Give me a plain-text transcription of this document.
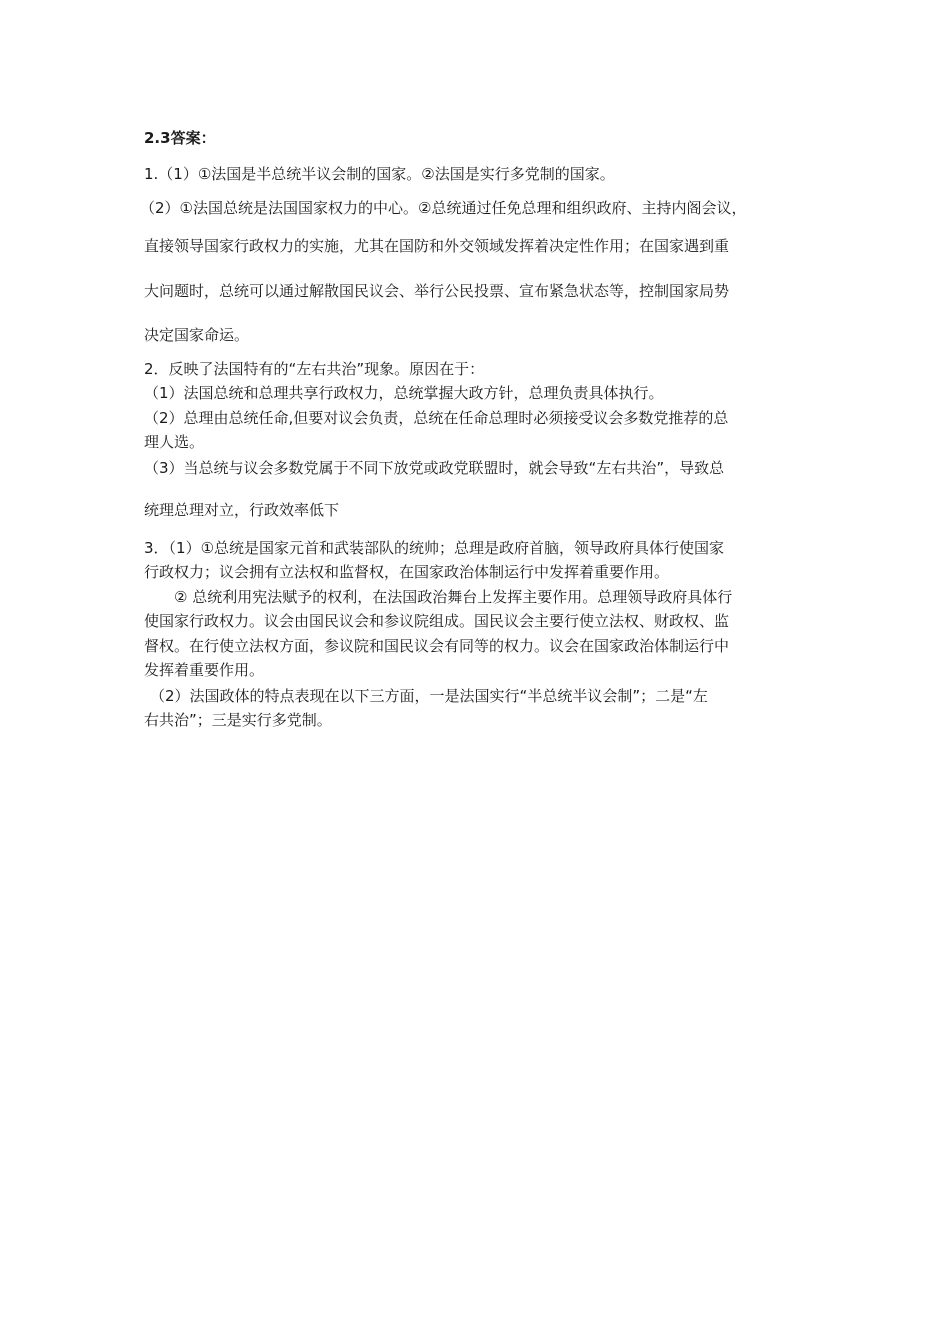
2.3答案：
1.（1）①法国是半总统半议会制的国家。②法国是实行多党制的国家。
（2）①法国总统是法国国家权力的中心。②总统通过任免总理和组织政府、主持内阁会议，
直接领导国家行政权力的实施，尤其在国防和外交领域发挥着决定性作用；在国家遇到重
大问题时，总统可以通过解散国民议会、举行公民投票、宣布紧急状态等，控制国家局势
决定国家命运。
2．反映了法国特有的“左右共治”现象。原因在于：
（1）法国总统和总理共享行政权力，总统掌握大政方针，总理负责具体执行。
（2）总理由总统任命,但要对议会负责，总统在任命总理时必须接受议会多数党推荐的总
理人选。
（3）当总统与议会多数党属于不同下放党或政党联盟时，就会导致“左右共治”，导致总
统理总理对立，行政效率低下
3．（1）①总统是国家元首和武装部队的统帅；总理是政府首脑，领导政府具体行使国家
行政权力；议会拥有立法权和监督权，在国家政治体制运行中发挥着重要作用。
② 总统利用宪法赋予的权利，在法国政治舞台上发挥主要作用。总理领导政府具体行
使国家行政权力。议会由国民议会和参议院组成。国民议会主要行使立法权、财政权、监
督权。在行使立法权方面，参议院和国民议会有同等的权力。议会在国家政治体制运行中
发挥着重要作用。
（2）法国政体的特点表现在以下三方面，一是法国实行“半总统半议会制”；二是“左
右共治”；三是实行多党制。
